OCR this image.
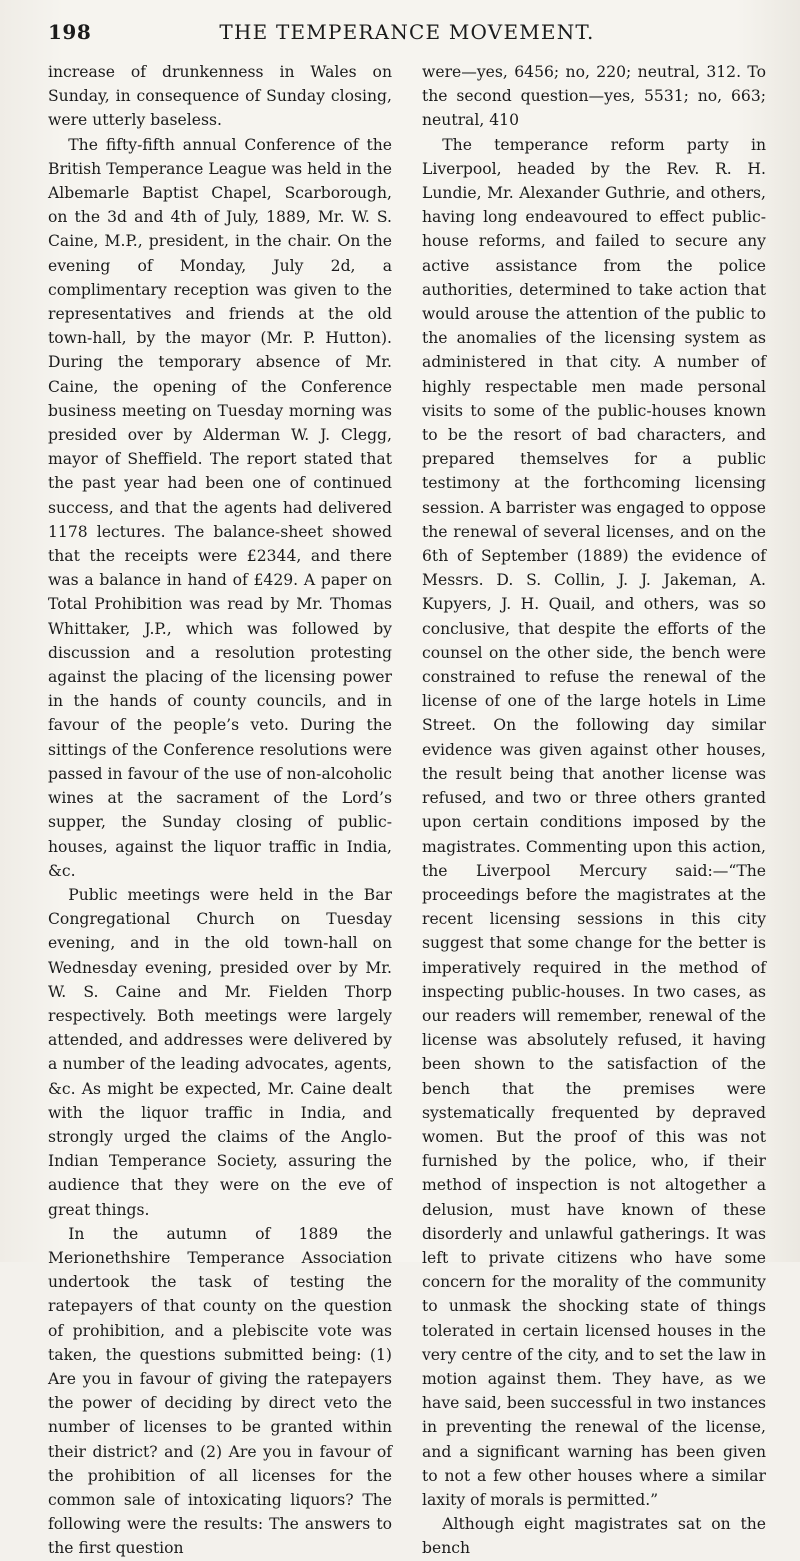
198	THE TEMPERANCE MOVEMENT.

increase of drunkenness in Wales on Sunday, in consequence of Sunday closing, were utterly baseless.

The fifty-fifth annual Conference of the British Temperance League was held in the Albemarle Baptist Chapel, Scarborough, on the 3d and 4th of July, 1889, Mr. W. S. Caine, M.P., president, in the chair. On the evening of Monday, July 2d, a complimentary reception was given to the representatives and friends at the old town-hall, by the mayor (Mr. P. Hutton). During the temporary absence of Mr. Caine, the opening of the Conference business meeting on Tuesday morning was presided over by Alderman W. J. Clegg, mayor of Sheffield. The report stated that the past year had been one of continued success, and that the agents had delivered 1178 lectures. The balance-sheet showed that the receipts were £2344, and there was a balance in hand of £429. A paper on Total Prohibition was read by Mr. Thomas Whittaker, J.P., which was followed by discussion and a resolution protesting against the placing of the licensing power in the hands of county councils, and in favour of the people’s veto. During the sittings of the Conference resolutions were passed in favour of the use of non-alcoholic wines at the sacrament of the Lord’s supper, the Sunday closing of public-houses, against the liquor traffic in India, &c.

Public meetings were held in the Bar Congregational Church on Tuesday evening, and in the old town-hall on Wednesday evening, presided over by Mr. W. S. Caine and Mr. Fielden Thorp respectively. Both meetings were largely attended, and addresses were delivered by a number of the leading advocates, agents, &c. As might be expected, Mr. Caine dealt with the liquor traffic in India, and strongly urged the claims of the Anglo-Indian Temperance Society, assuring the audience that they were on the eve of great things.

In the autumn of 1889 the Merionethshire Temperance Association undertook the task of testing the ratepayers of that county on the question of prohibition, and a plebiscite vote was taken, the questions submitted being: (1) Are you in favour of giving the ratepayers the power of deciding by direct veto the number of licenses to be granted within their district? and (2) Are you in favour of the prohibition of all licenses for the common sale of intoxicating liquors? The following were the results: The answers to the first question

were—yes, 6456; no, 220; neutral, 312. To the second question—yes, 5531; no, 663; neutral, 410

The temperance reform party in Liverpool, headed by the Rev. R. H. Lundie, Mr. Alexander Guthrie, and others, having long endeavoured to effect public-house reforms, and failed to secure any active assistance from the police authorities, determined to take action that would arouse the attention of the public to the anomalies of the licensing system as administered in that city. A number of highly respectable men made personal visits to some of the public-houses known to be the resort of bad characters, and prepared themselves for a public testimony at the forthcoming licensing session. A barrister was engaged to oppose the renewal of several licenses, and on the 6th of September (1889) the evidence of Messrs. D. S. Collin, J. J. Jakeman, A. Kupyers, J. H. Quail, and others, was so conclusive, that despite the efforts of the counsel on the other side, the bench were constrained to refuse the renewal of the license of one of the large hotels in Lime Street. On the following day similar evidence was given against other houses, the result being that another license was refused, and two or three others granted upon certain conditions imposed by the magistrates. Commenting upon this action, the Liverpool Mercury said:—“The proceedings before the magistrates at the recent licensing sessions in this city suggest that some change for the better is imperatively required in the method of inspecting public-houses. In two cases, as our readers will remember, renewal of the license was absolutely refused, it having been shown to the satisfaction of the bench that the premises were systematically frequented by depraved women. But the proof of this was not furnished by the police, who, if their method of inspection is not altogether a delusion, must have known of these disorderly and unlawful gatherings. It was left to private citizens who have some concern for the morality of the community to unmask the shocking state of things tolerated in certain licensed houses in the very centre of the city, and to set the law in motion against them. They have, as we have said, been successful in two instances in preventing the renewal of the license, and a significant warning has been given to not a few other houses where a similar laxity of morals is permitted.”

Although eight magistrates sat on the bench
